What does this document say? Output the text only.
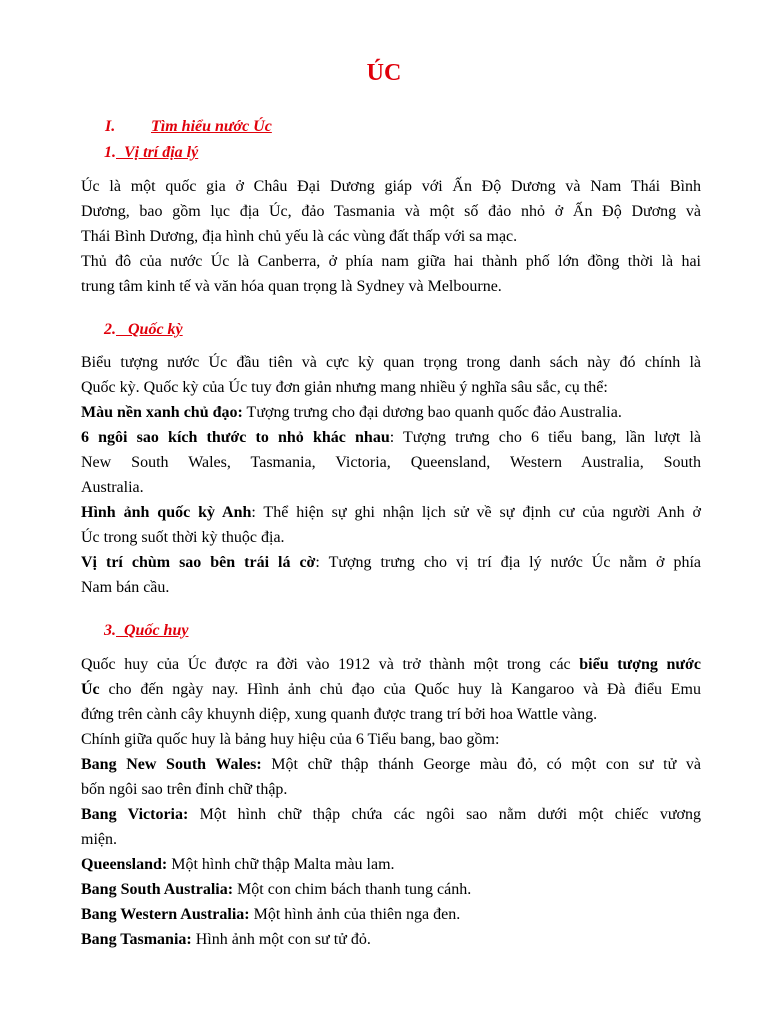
ÚC
I. Tìm hiểu nước Úc
1. Vị trí địa lý
Úc là một quốc gia ở Châu Đại Dương giáp với Ấn Độ Dương và Nam Thái Bình
Dương, bao gồm lục địa Úc, đảo Tasmania và một số đảo nhỏ ở Ấn Độ Dương và
Thái Bình Dương, địa hình chủ yếu là các vùng đất thấp với sa mạc.
Thủ đô của nước Úc là Canberra, ở phía nam giữa hai thành phố lớn đồng thời là hai
trung tâm kinh tế và văn hóa quan trọng là Sydney và Melbourne.
2. Quốc kỳ
Biểu tượng nước Úc đầu tiên và cực kỳ quan trọng trong danh sách này đó chính là
Quốc kỳ. Quốc kỳ của Úc tuy đơn giản nhưng mang nhiều ý nghĩa sâu sắc, cụ thể:
Màu nền xanh chủ đạo: Tượng trưng cho đại dương bao quanh quốc đảo Australia.
6 ngôi sao kích thước to nhỏ khác nhau: Tượng trưng cho 6 tiểu bang, lần lượt là
New South Wales, Tasmania, Victoria, Queensland, Western Australia, South
Australia.
Hình ảnh quốc kỳ Anh: Thể hiện sự ghi nhận lịch sử về sự định cư của người Anh ở
Úc trong suốt thời kỳ thuộc địa.
Vị trí chùm sao bên trái lá cờ: Tượng trưng cho vị trí địa lý nước Úc nằm ở phía
Nam bán cầu.
3. Quốc huy
Quốc huy của Úc được ra đời vào 1912 và trở thành một trong các biểu tượng nước
Úc cho đến ngày nay. Hình ảnh chủ đạo của Quốc huy là Kangaroo và Đà điểu Emu
đứng trên cành cây khuynh diệp, xung quanh được trang trí bởi hoa Wattle vàng.
Chính giữa quốc huy là bảng huy hiệu của 6 Tiểu bang, bao gồm:
Bang New South Wales: Một chữ thập thánh George màu đỏ, có một con sư tử và
bốn ngôi sao trên đỉnh chữ thập.
Bang Victoria: Một hình chữ thập chứa các ngôi sao nằm dưới một chiếc vương
miện.
Queensland: Một hình chữ thập Malta màu lam.
Bang South Australia: Một con chim bách thanh tung cánh.
Bang Western Australia: Một hình ảnh của thiên nga đen.
Bang Tasmania: Hình ảnh một con sư tử đỏ.
